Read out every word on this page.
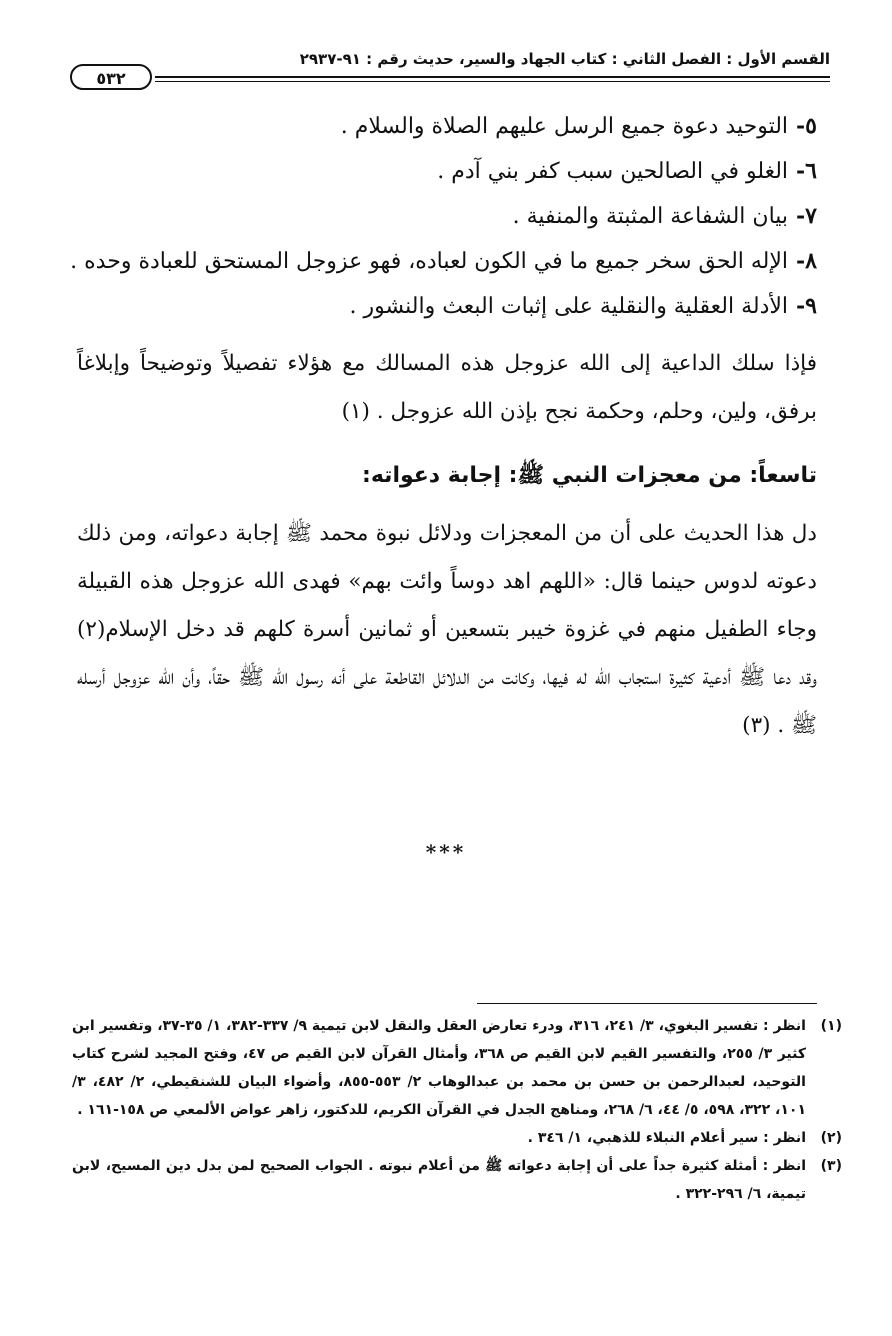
القسم الأول : الفصل الثاني : كتاب الجهاد والسير، حديث رقم : ٩١-٢٩٣٧
٥٣٢
٥-التوحيد دعوة جميع الرسل عليهم الصلاة والسلام .
٦-الغلو في الصالحين سبب كفر بني آدم .
٧-بيان الشفاعة المثبتة والمنفية .
٨-الإله الحق سخر جميع ما في الكون لعباده، فهو عزوجل المستحق للعبادة وحده .
٩-الأدلة العقلية والنقلية على إثبات البعث والنشور .

فإذا سلك الداعية إلى الله عزوجل هذه المسالك مع هؤلاء تفصيلاً وتوضيحاً وإبلاغاً برفق، ولين، وحلم، وحكمة نجح بإذن الله عزوجل . (١)

تاسعاً: من معجزات النبي ﷺ: إجابة دعواته:

دل هذا الحديث على أن من المعجزات ودلائل نبوة محمد ﷺ إجابة دعواته، ومن ذلك دعوته لدوس حينما قال: «اللهم اهد دوساً وائت بهم» فهدى الله عزوجل هذه القبيلة وجاء الطفيل منهم في غزوة خيبر بتسعين أو ثمانين أسرة كلهم قد دخل الإسلام(٢) وقد دعا ﷺ أدعية كثيرة استجاب الله له فيها، وكانت من الدلائل القاطعة على أنه رسول الله ﷺ حقاً، وأن الله عزوجل أرسله ﷺ . (٣)

***
(١)
انظر : تفسير البغوي، ٣/ ٢٤١، ٣١٦، ودرء تعارض العقل والنقل لابن تيمية ٩/ ٣٣٧-٣٨٢، ١/ ٣٥-٣٧، وتفسير ابن كثير ٣/ ٢٥٥، والتفسير القيم لابن القيم ص ٣٦٨، وأمثال القرآن لابن القيم ص ٤٧، وفتح المجيد لشرح كتاب التوحيد، لعبدالرحمن بن حسن بن محمد بن عبدالوهاب ٢/ ٥٥٣-٨٥٥، وأضواء البيان للشنقيطي، ٢/ ٤٨٢، ٣/ ١٠١، ٣٢٢، ٥٩٨، ٥/ ٤٤، ٦/ ٢٦٨، ومناهج الجدل في القرآن الكريم، للدكتور، زاهر عواض الألمعي ص ١٥٨-١٦١ .
(٢)
انظر : سير أعلام النبلاء للذهبي، ١/ ٣٤٦ .
(٣)
انظر : أمثلة كثيرة جداً على أن إجابة دعواته ﷺ من أعلام نبوته . الجواب الصحيح لمن بدل دين المسيح، لابن تيمية، ٦/ ٢٩٦-٣٢٢ .
